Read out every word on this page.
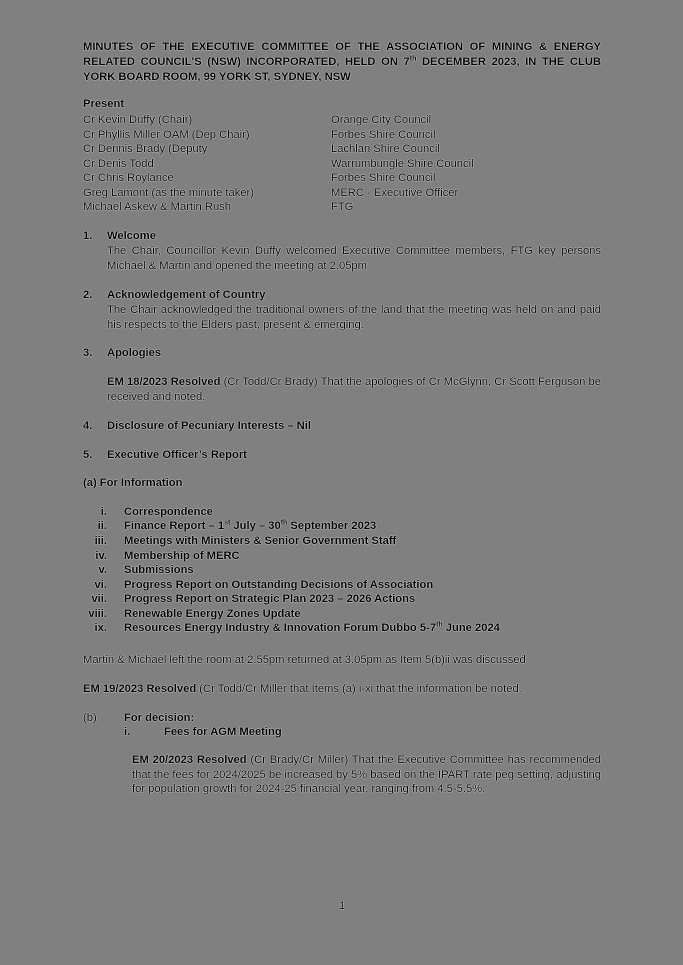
MINUTES OF THE EXECUTIVE COMMITTEE OF THE ASSOCIATION OF MINING & ENERGY RELATED COUNCIL'S (NSW) INCORPORATED, HELD ON 7th DECEMBER 2023, IN THE CLUB YORK BOARD ROOM, 99 YORK ST, SYDNEY, NSW
Present
Cr Kevin Duffy (Chair)	Orange City Council
Cr Phyllis Miller OAM (Dep Chair)	Forbes Shire Council
Cr Dennis Brady (Deputy	Lachlan Shire Council
Cr Denis Todd	Warrumbungle Shire Council
Cr Chris Roylance	Forbes Shire Council
Greg Lamont (as the minute taker)	MERC - Executive Officer
Michael Askew & Martin Rush	FTG
1.	Welcome
The Chair, Councillor Kevin Duffy welcomed Executive Committee members, FTG key persons Michael & Martin and opened the meeting at 2.05pm
2.	Acknowledgement of Country
The Chair acknowledged the traditional owners of the land that the meeting was held on and paid his respects to the Elders past, present & emerging.
3.	Apologies
EM 18/2023 Resolved (Cr Todd/Cr Brady) That the apologies of Cr McGlynn, Cr Scott Ferguson be received and noted.
4.	Disclosure of Pecuniary Interests – Nil
5.	Executive Officer’s Report
(a) For Information
i. Correspondence
ii. Finance Report – 1st July – 30th September 2023
iii. Meetings with Ministers & Senior Government Staff
iv. Membership of MERC
v. Submissions
vi. Progress Report on Outstanding Decisions of Association
vii. Progress Report on Strategic Plan 2023 – 2026 Actions
viii. Renewable Energy Zones Update
ix. Resources Energy Industry & Innovation Forum Dubbo 5-7th June 2024
Martin & Michael left the room at 2.55pm returned at 3.05pm as Item 5(b)ii was discussed
EM 19/2023 Resolved (Cr Todd/Cr Miller that Items (a) i-xi that the information be noted.
(b) For decision:
i.	Fees for AGM Meeting
EM 20/2023 Resolved (Cr Brady/Cr Miller) That the Executive Committee has recommended that the fees for 2024/2025 be increased by 5% based on the IPART rate peg setting, adjusting for population growth for 2024-25 financial year, ranging from 4.5-5.5%.
1
